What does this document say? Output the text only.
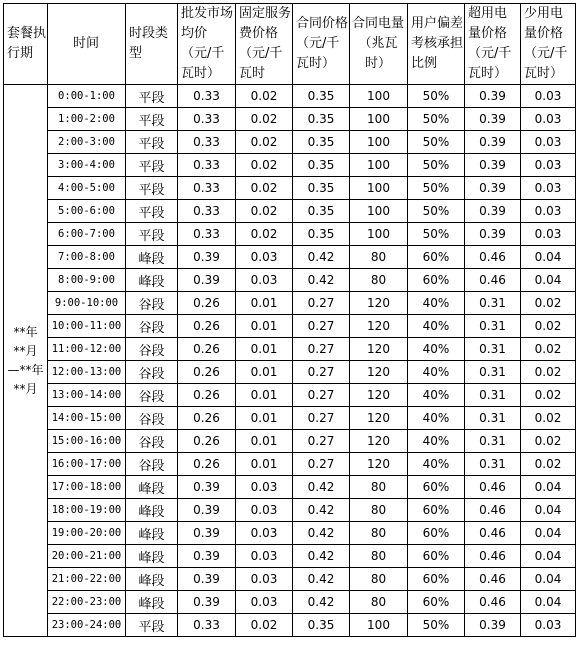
套餐执行期	时间	时段类型	批发市场均价（元/千瓦时）	固定服务费价格（元/千瓦时	合同价格（元/千瓦时）	合同电量（兆瓦时）	用户偏差考核承担比例	超用电量价格（元/千瓦时）	少用电量价格（元/千瓦时）

**年
**月
—**年
**月	0:00-1:00	平段	0.33	0.02	0.35	100	50%	0.39	0.03
	1:00-2:00	平段	0.33	0.02	0.35	100	50%	0.39	0.03
	2:00-3:00	平段	0.33	0.02	0.35	100	50%	0.39	0.03
	3:00-4:00	平段	0.33	0.02	0.35	100	50%	0.39	0.03
	4:00-5:00	平段	0.33	0.02	0.35	100	50%	0.39	0.03
	5:00-6:00	平段	0.33	0.02	0.35	100	50%	0.39	0.03
	6:00-7:00	平段	0.33	0.02	0.35	100	50%	0.39	0.03
	7:00-8:00	峰段	0.39	0.03	0.42	80	60%	0.46	0.04
	8:00-9:00	峰段	0.39	0.03	0.42	80	60%	0.46	0.04
	9:00-10:00	谷段	0.26	0.01	0.27	120	40%	0.31	0.02
	10:00-11:00	谷段	0.26	0.01	0.27	120	40%	0.31	0.02
	11:00-12:00	谷段	0.26	0.01	0.27	120	40%	0.31	0.02
	12:00-13:00	谷段	0.26	0.01	0.27	120	40%	0.31	0.02
	13:00-14:00	谷段	0.26	0.01	0.27	120	40%	0.31	0.02
	14:00-15:00	谷段	0.26	0.01	0.27	120	40%	0.31	0.02
	15:00-16:00	谷段	0.26	0.01	0.27	120	40%	0.31	0.02
	16:00-17:00	谷段	0.26	0.01	0.27	120	40%	0.31	0.02
	17:00-18:00	峰段	0.39	0.03	0.42	80	60%	0.46	0.04
	18:00-19:00	峰段	0.39	0.03	0.42	80	60%	0.46	0.04
	19:00-20:00	峰段	0.39	0.03	0.42	80	60%	0.46	0.04
	20:00-21:00	峰段	0.39	0.03	0.42	80	60%	0.46	0.04
	21:00-22:00	峰段	0.39	0.03	0.42	80	60%	0.46	0.04
	22:00-23:00	峰段	0.39	0.03	0.42	80	60%	0.46	0.04
	23:00-24:00	平段	0.33	0.02	0.35	100	50%	0.39	0.03
